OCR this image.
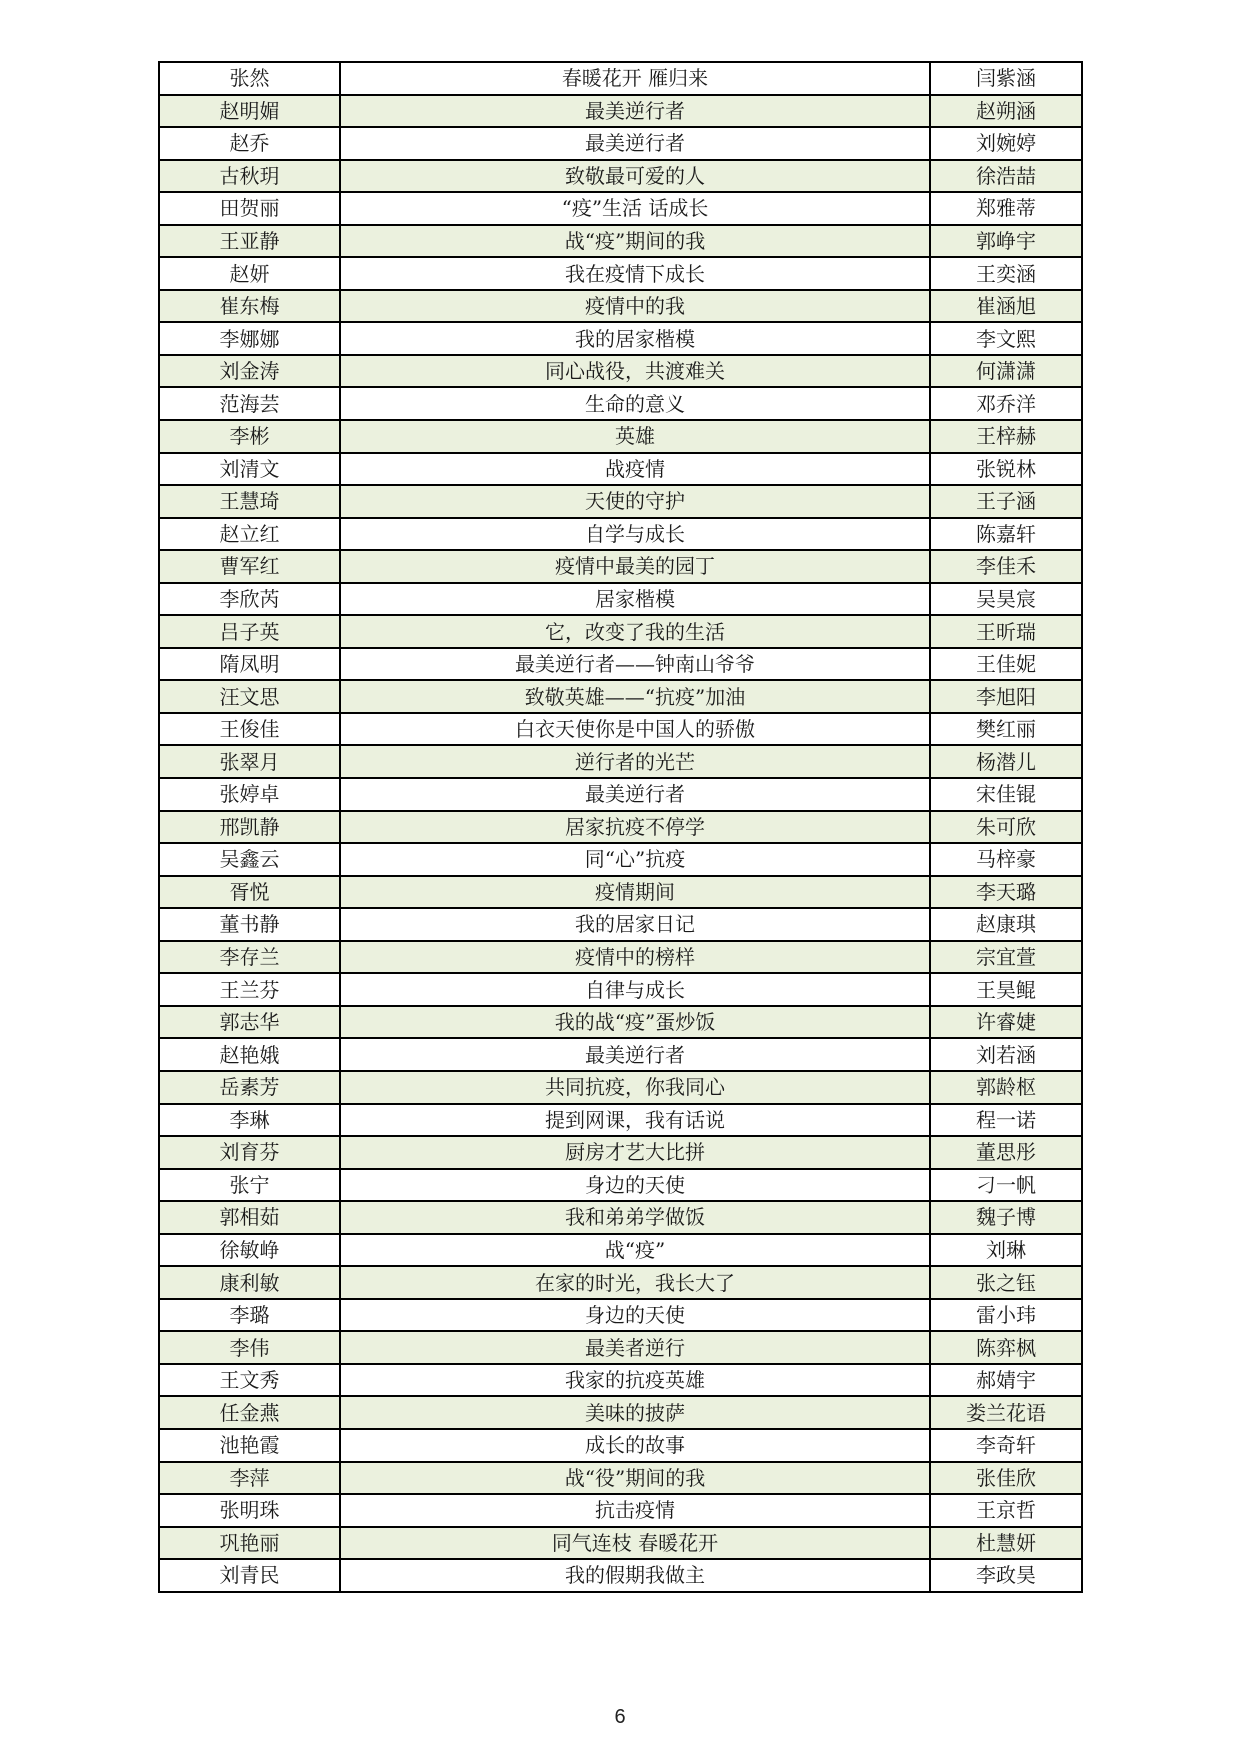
张然	春暖花开 雁归来	闫紫涵
赵明媚	最美逆行者	赵朔涵
赵乔	最美逆行者	刘婉婷
古秋玥	致敬最可爱的人	徐浩喆
田贺丽	“疫”生活 话成长	郑雅蒂
王亚静	战“疫”期间的我	郭峥宇
赵妍	我在疫情下成长	王奕涵
崔东梅	疫情中的我	崔涵旭
李娜娜	我的居家楷模	李文熙
刘金涛	同心战役，共渡难关	何潇潇
范海芸	生命的意义	邓乔洋
李彬	英雄	王梓赫
刘清文	战疫情	张锐林
王慧琦	天使的守护	王子涵
赵立红	自学与成长	陈嘉轩
曹军红	疫情中最美的园丁	李佳禾
李欣芮	居家楷模	吴昊宸
吕子英	它，改变了我的生活	王昕瑞
隋凤明	最美逆行者——钟南山爷爷	王佳妮
汪文思	致敬英雄——“抗疫”加油	李旭阳
王俊佳	白衣天使你是中国人的骄傲	樊红丽
张翠月	逆行者的光芒	杨潜儿
张婷卓	最美逆行者	宋佳锟
邢凯静	居家抗疫不停学	朱可欣
吴鑫云	同“心”抗疫	马梓豪
胥悦	疫情期间	李天璐
董书静	我的居家日记	赵康琪
李存兰	疫情中的榜样	宗宜萱
王兰芬	自律与成长	王昊鲲
郭志华	我的战“疫”蛋炒饭	许睿婕
赵艳娥	最美逆行者	刘若涵
岳素芳	共同抗疫，你我同心	郭龄枢
李琳	提到网课，我有话说	程一诺
刘育芬	厨房才艺大比拼	董思彤
张宁	身边的天使	刁一帆
郭相茹	我和弟弟学做饭	魏子博
徐敏峥	战“疫”	刘琳
康利敏	在家的时光，我长大了	张之钰
李璐	身边的天使	雷小玮
李伟	最美者逆行	陈弈枫
王文秀	我家的抗疫英雄	郝婧宇
任金燕	美味的披萨	娄兰花语
池艳霞	成长的故事	李奇轩
李萍	战“役”期间的我	张佳欣
张明珠	抗击疫情	王京哲
巩艳丽	同气连枝 春暖花开	杜慧妍
刘青民	我的假期我做主	李政昊
6
